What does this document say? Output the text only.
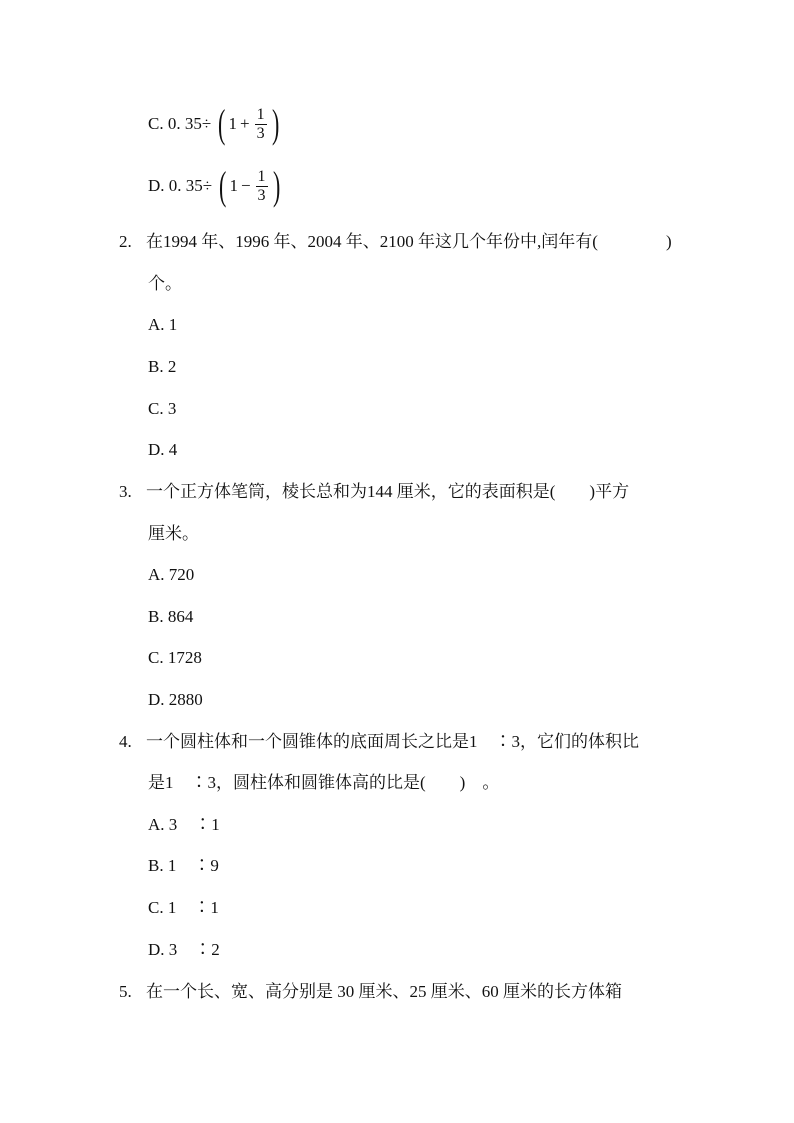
C. 0. 35÷ ( $1 + \frac{1}{3}$ )
D. 0. 35÷ ( $1 - \frac{1}{3}$ )
2. 在1994 年、1996 年、2004 年、2100 年这几个年份中,闰年有(	)
个。
A. 1
B. 2
C. 3
D. 4
3. 一个正方体笔筒，棱长总和为144 厘米，它的表面积是(　　)平方
厘米。
A. 720
B. 864
C. 1728
D. 2880
4. 一个圆柱体和一个圆锥体的底面周长之比是1　∶3，它们的体积比
是1　∶3，圆柱体和圆锥体高的比是(　　)　。
A. 3　∶1
B. 1　∶9
C. 1　∶1
D. 3　∶2
5. 在一个长、宽、高分别是 30 厘米、25 厘米、60 厘米的长方体箱
